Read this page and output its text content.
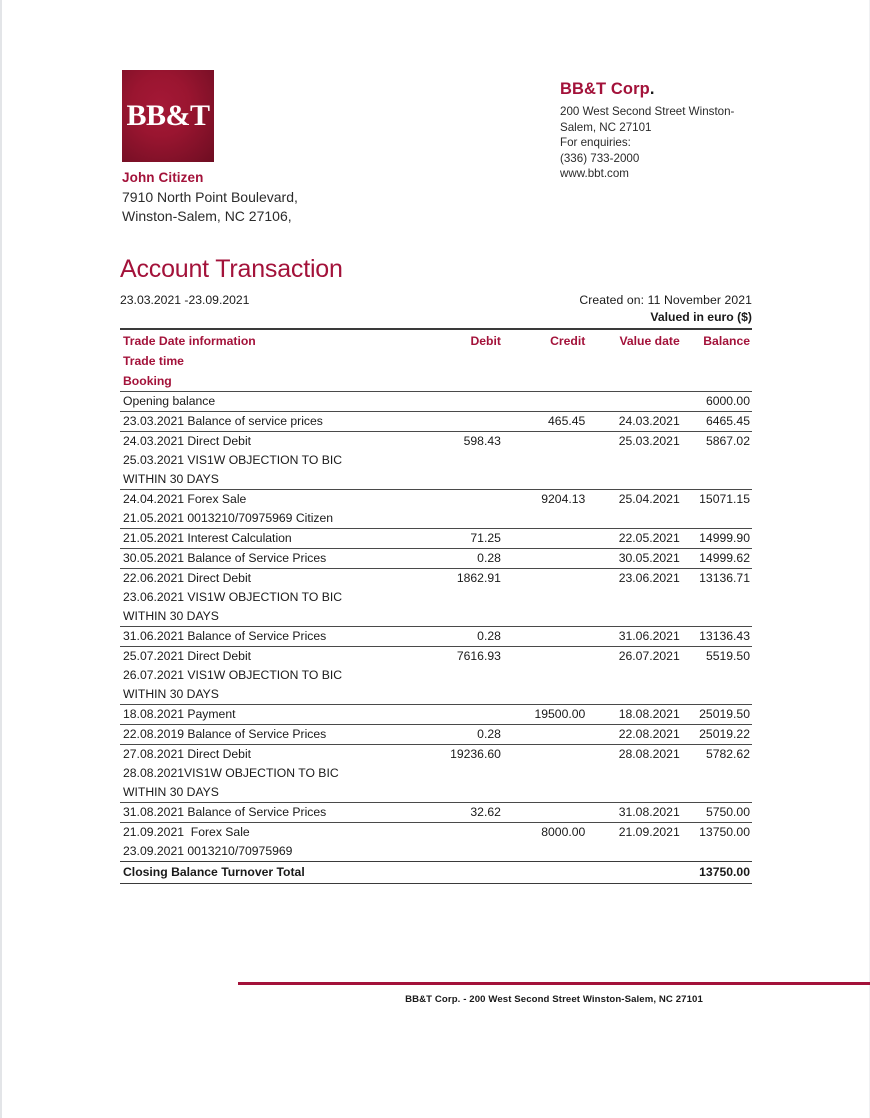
BB&T
John Citizen
7910 North Point Boulevard,
Winston-Salem, NC 27106,
BB&T Corp.
200 West Second Street Winston-
Salem, NC 27101
For enquiries:
(336) 733-2000
www.bbt.com
Account Transaction
23.03.2021 -23.09.2021	Created on: 11 November 2021
Valued in euro ($)
Trade Date information	Debit	Credit	Value date	Balance
Trade time				
Booking				
Opening balance				6000.00
23.03.2021 Balance of service prices		465.45	24.03.2021	6465.45
24.03.2021 Direct Debit	598.43		25.03.2021	5867.02
25.03.2021 VIS1W OBJECTION TO BIC				
WITHIN 30 DAYS				
24.04.2021 Forex Sale		9204.13	25.04.2021	15071.15
21.05.2021 0013210/70975969 Citizen				
21.05.2021 Interest Calculation	71.25		22.05.2021	14999.90
30.05.2021 Balance of Service Prices	0.28		30.05.2021	14999.62
22.06.2021 Direct Debit	1862.91		23.06.2021	13136.71
23.06.2021 VIS1W OBJECTION TO BIC				
WITHIN 30 DAYS				
31.06.2021 Balance of Service Prices	0.28		31.06.2021	13136.43
25.07.2021 Direct Debit	7616.93		26.07.2021	5519.50
26.07.2021 VIS1W OBJECTION TO BIC				
WITHIN 30 DAYS				
18.08.2021 Payment		19500.00	18.08.2021	25019.50
22.08.2019 Balance of Service Prices	0.28		22.08.2021	25019.22
27.08.2021 Direct Debit	19236.60		28.08.2021	5782.62
28.08.2021VIS1W OBJECTION TO BIC				
WITHIN 30 DAYS				
31.08.2021 Balance of Service Prices	32.62		31.08.2021	5750.00
21.09.2021  Forex Sale		8000.00	21.09.2021	13750.00
23.09.2021 0013210/70975969				
Closing Balance Turnover Total				13750.00
BB&T Corp. - 200 West Second Street Winston-Salem, NC 27101
